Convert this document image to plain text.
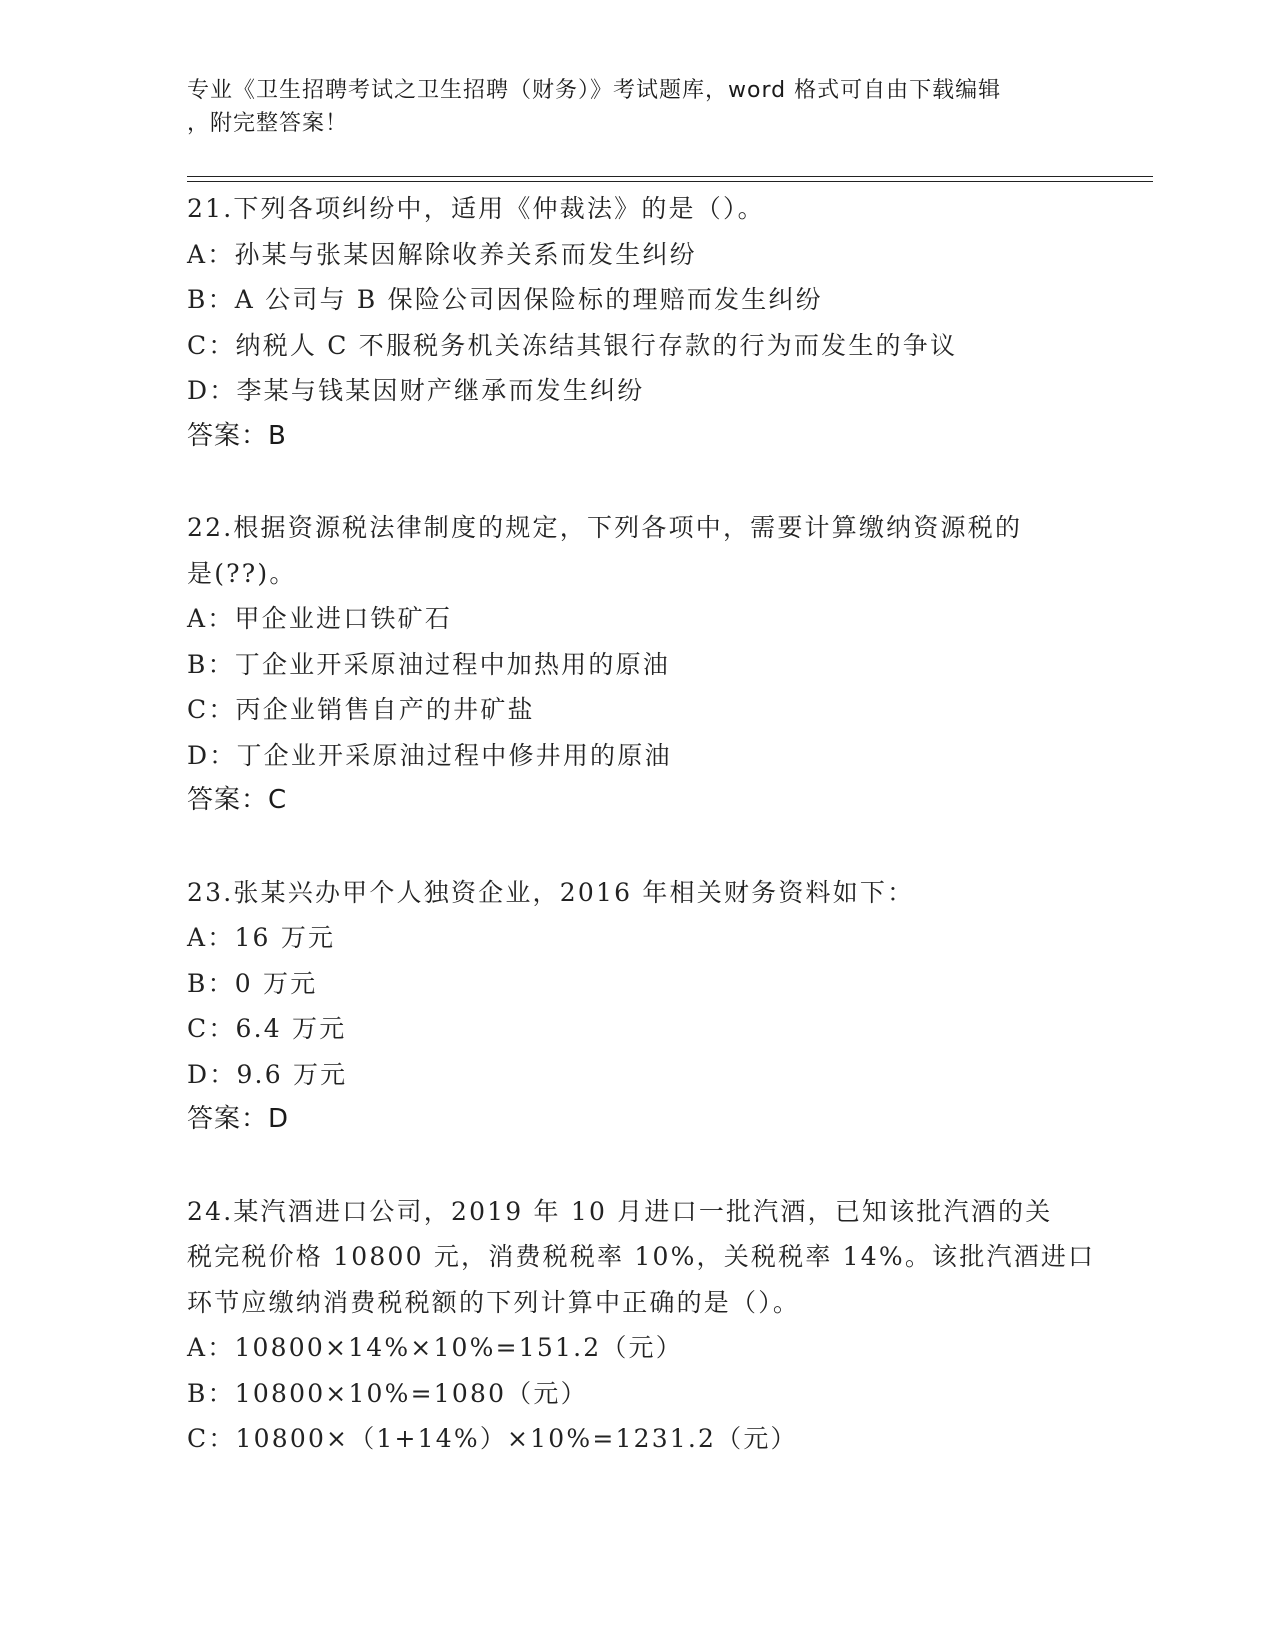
专业《卫生招聘考试之卫生招聘（财务）》考试题库，word 格式可自由下载编辑
，附完整答案！
21.下列各项纠纷中，适用《仲裁法》的是（）。
A：孙某与张某因解除收养关系而发生纠纷
B：A 公司与 B 保险公司因保险标的理赔而发生纠纷
C：纳税人 C 不服税务机关冻结其银行存款的行为而发生的争议
D：李某与钱某因财产继承而发生纠纷
答案：B
22.根据资源税法律制度的规定，下列各项中，需要计算缴纳资源税的
是(??)。
A：甲企业进口铁矿石
B：丁企业开采原油过程中加热用的原油
C：丙企业销售自产的井矿盐
D：丁企业开采原油过程中修井用的原油
答案：C
23.张某兴办甲个人独资企业，2016 年相关财务资料如下：
A：16 万元
B：0 万元
C：6.4 万元
D：9.6 万元
答案：D
24.某汽酒进口公司，2019 年 10 月进口一批汽酒，已知该批汽酒的关
税完税价格 10800 元，消费税税率 10%，关税税率 14%。该批汽酒进口
环节应缴纳消费税税额的下列计算中正确的是（）。
A：10800×14%×10%=151.2（元）
B：10800×10%=1080（元）
C：10800×（1+14%）×10%=1231.2（元）
